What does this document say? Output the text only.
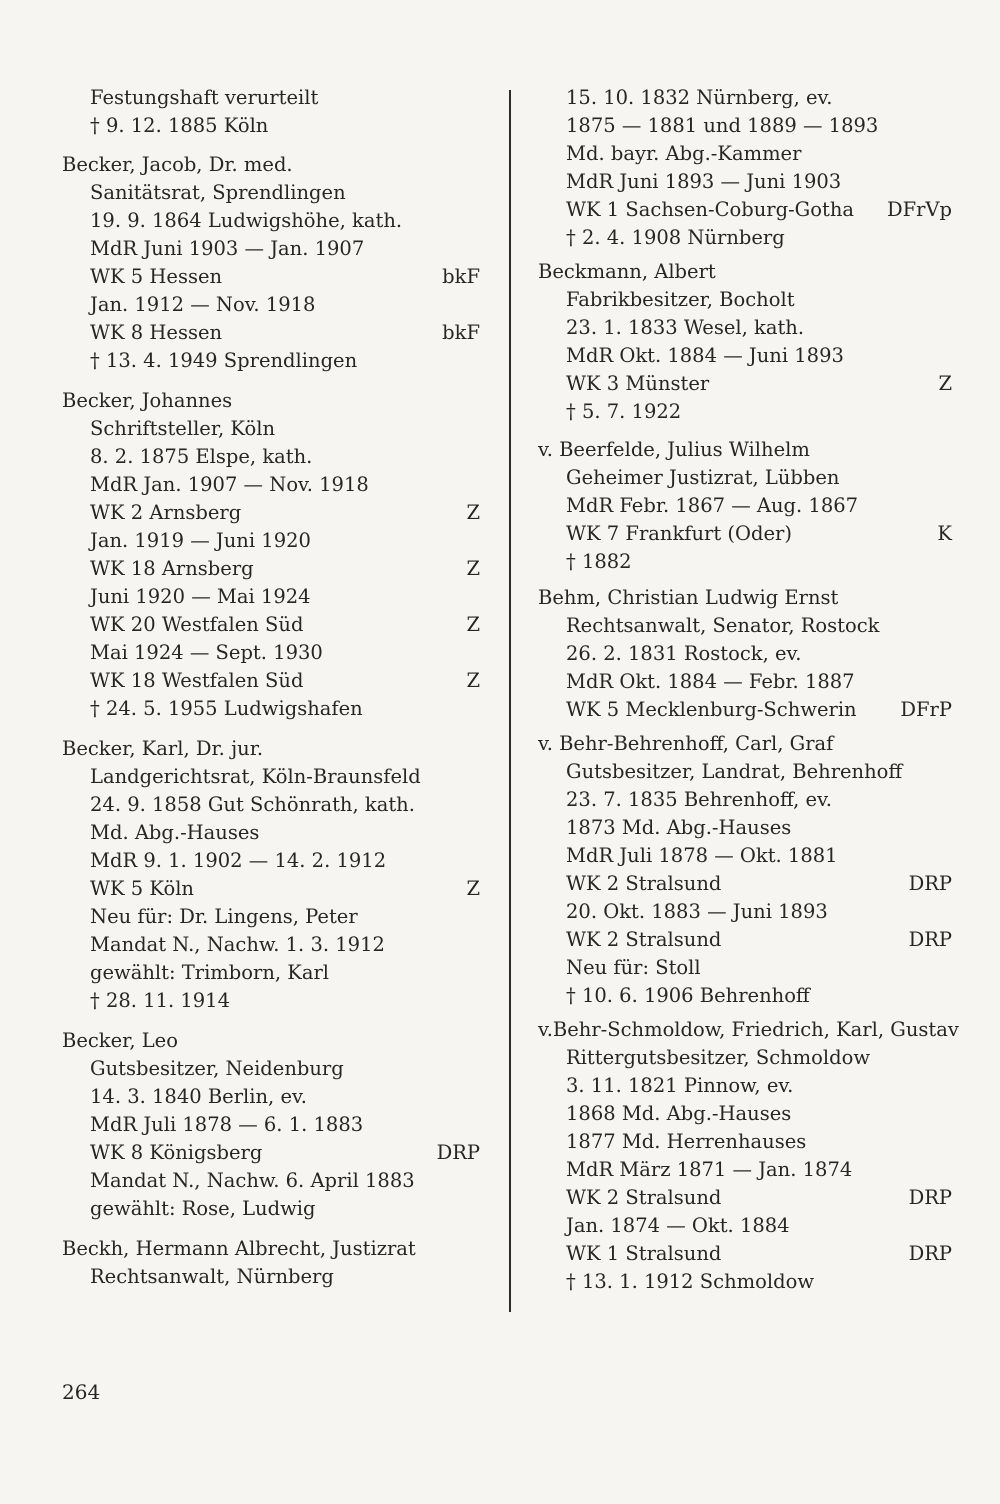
Festungshaft verurteilt
† 9. 12. 1885 Köln
Becker, Jacob, Dr. med.
Sanitätsrat, Sprendlingen
19. 9. 1864 Ludwigshöhe, kath.
MdR Juni 1903 — Jan. 1907
WK 5 Hessen	bkF
Jan. 1912 — Nov. 1918
WK 8 Hessen	bkF
† 13. 4. 1949 Sprendlingen
Becker, Johannes
Schriftsteller, Köln
8. 2. 1875 Elspe, kath.
MdR Jan. 1907 — Nov. 1918
WK 2 Arnsberg	Z
Jan. 1919 — Juni 1920
WK 18 Arnsberg	Z
Juni 1920 — Mai 1924
WK 20 Westfalen Süd	Z
Mai 1924 — Sept. 1930
WK 18 Westfalen Süd	Z
† 24. 5. 1955 Ludwigshafen
Becker, Karl, Dr. jur.
Landgerichtsrat, Köln-Braunsfeld
24. 9. 1858 Gut Schönrath, kath.
Md. Abg.-Hauses
MdR 9. 1. 1902 — 14. 2. 1912
WK 5 Köln	Z
Neu für: Dr. Lingens, Peter
Mandat N., Nachw. 1. 3. 1912
gewählt: Trimborn, Karl
† 28. 11. 1914
Becker, Leo
Gutsbesitzer, Neidenburg
14. 3. 1840 Berlin, ev.
MdR Juli 1878 — 6. 1. 1883
WK 8 Königsberg	DRP
Mandat N., Nachw. 6. April 1883
gewählt: Rose, Ludwig
Beckh, Hermann Albrecht, Justizrat
Rechtsanwalt, Nürnberg
15. 10. 1832 Nürnberg, ev.
1875 — 1881 und 1889 — 1893
Md. bayr. Abg.-Kammer
MdR Juni 1893 — Juni 1903
WK 1 Sachsen-Coburg-Gotha DFrVp
† 2. 4. 1908 Nürnberg
Beckmann, Albert
Fabrikbesitzer, Bocholt
23. 1. 1833 Wesel, kath.
MdR Okt. 1884 — Juni 1893
WK 3 Münster	Z
† 5. 7. 1922
v. Beerfelde, Julius Wilhelm
Geheimer Justizrat, Lübben
MdR Febr. 1867 — Aug. 1867
WK 7 Frankfurt (Oder)	K
† 1882
Behm, Christian Ludwig Ernst
Rechtsanwalt, Senator, Rostock
26. 2. 1831 Rostock, ev.
MdR Okt. 1884 — Febr. 1887
WK 5 Mecklenburg-Schwerin DFrP
v. Behr-Behrenhoff, Carl, Graf
Gutsbesitzer, Landrat, Behrenhoff
23. 7. 1835 Behrenhoff, ev.
1873 Md. Abg.-Hauses
MdR Juli 1878 — Okt. 1881
WK 2 Stralsund	DRP
20. Okt. 1883 — Juni 1893
WK 2 Stralsund	DRP
Neu für: Stoll
† 10. 6. 1906 Behrenhoff
v.Behr-Schmoldow, Friedrich, Karl, Gustav
Rittergutsbesitzer, Schmoldow
3. 11. 1821 Pinnow, ev.
1868 Md. Abg.-Hauses
1877 Md. Herrenhauses
MdR März 1871 — Jan. 1874
WK 2 Stralsund	DRP
Jan. 1874 — Okt. 1884
WK 1 Stralsund	DRP
† 13. 1. 1912 Schmoldow
264
